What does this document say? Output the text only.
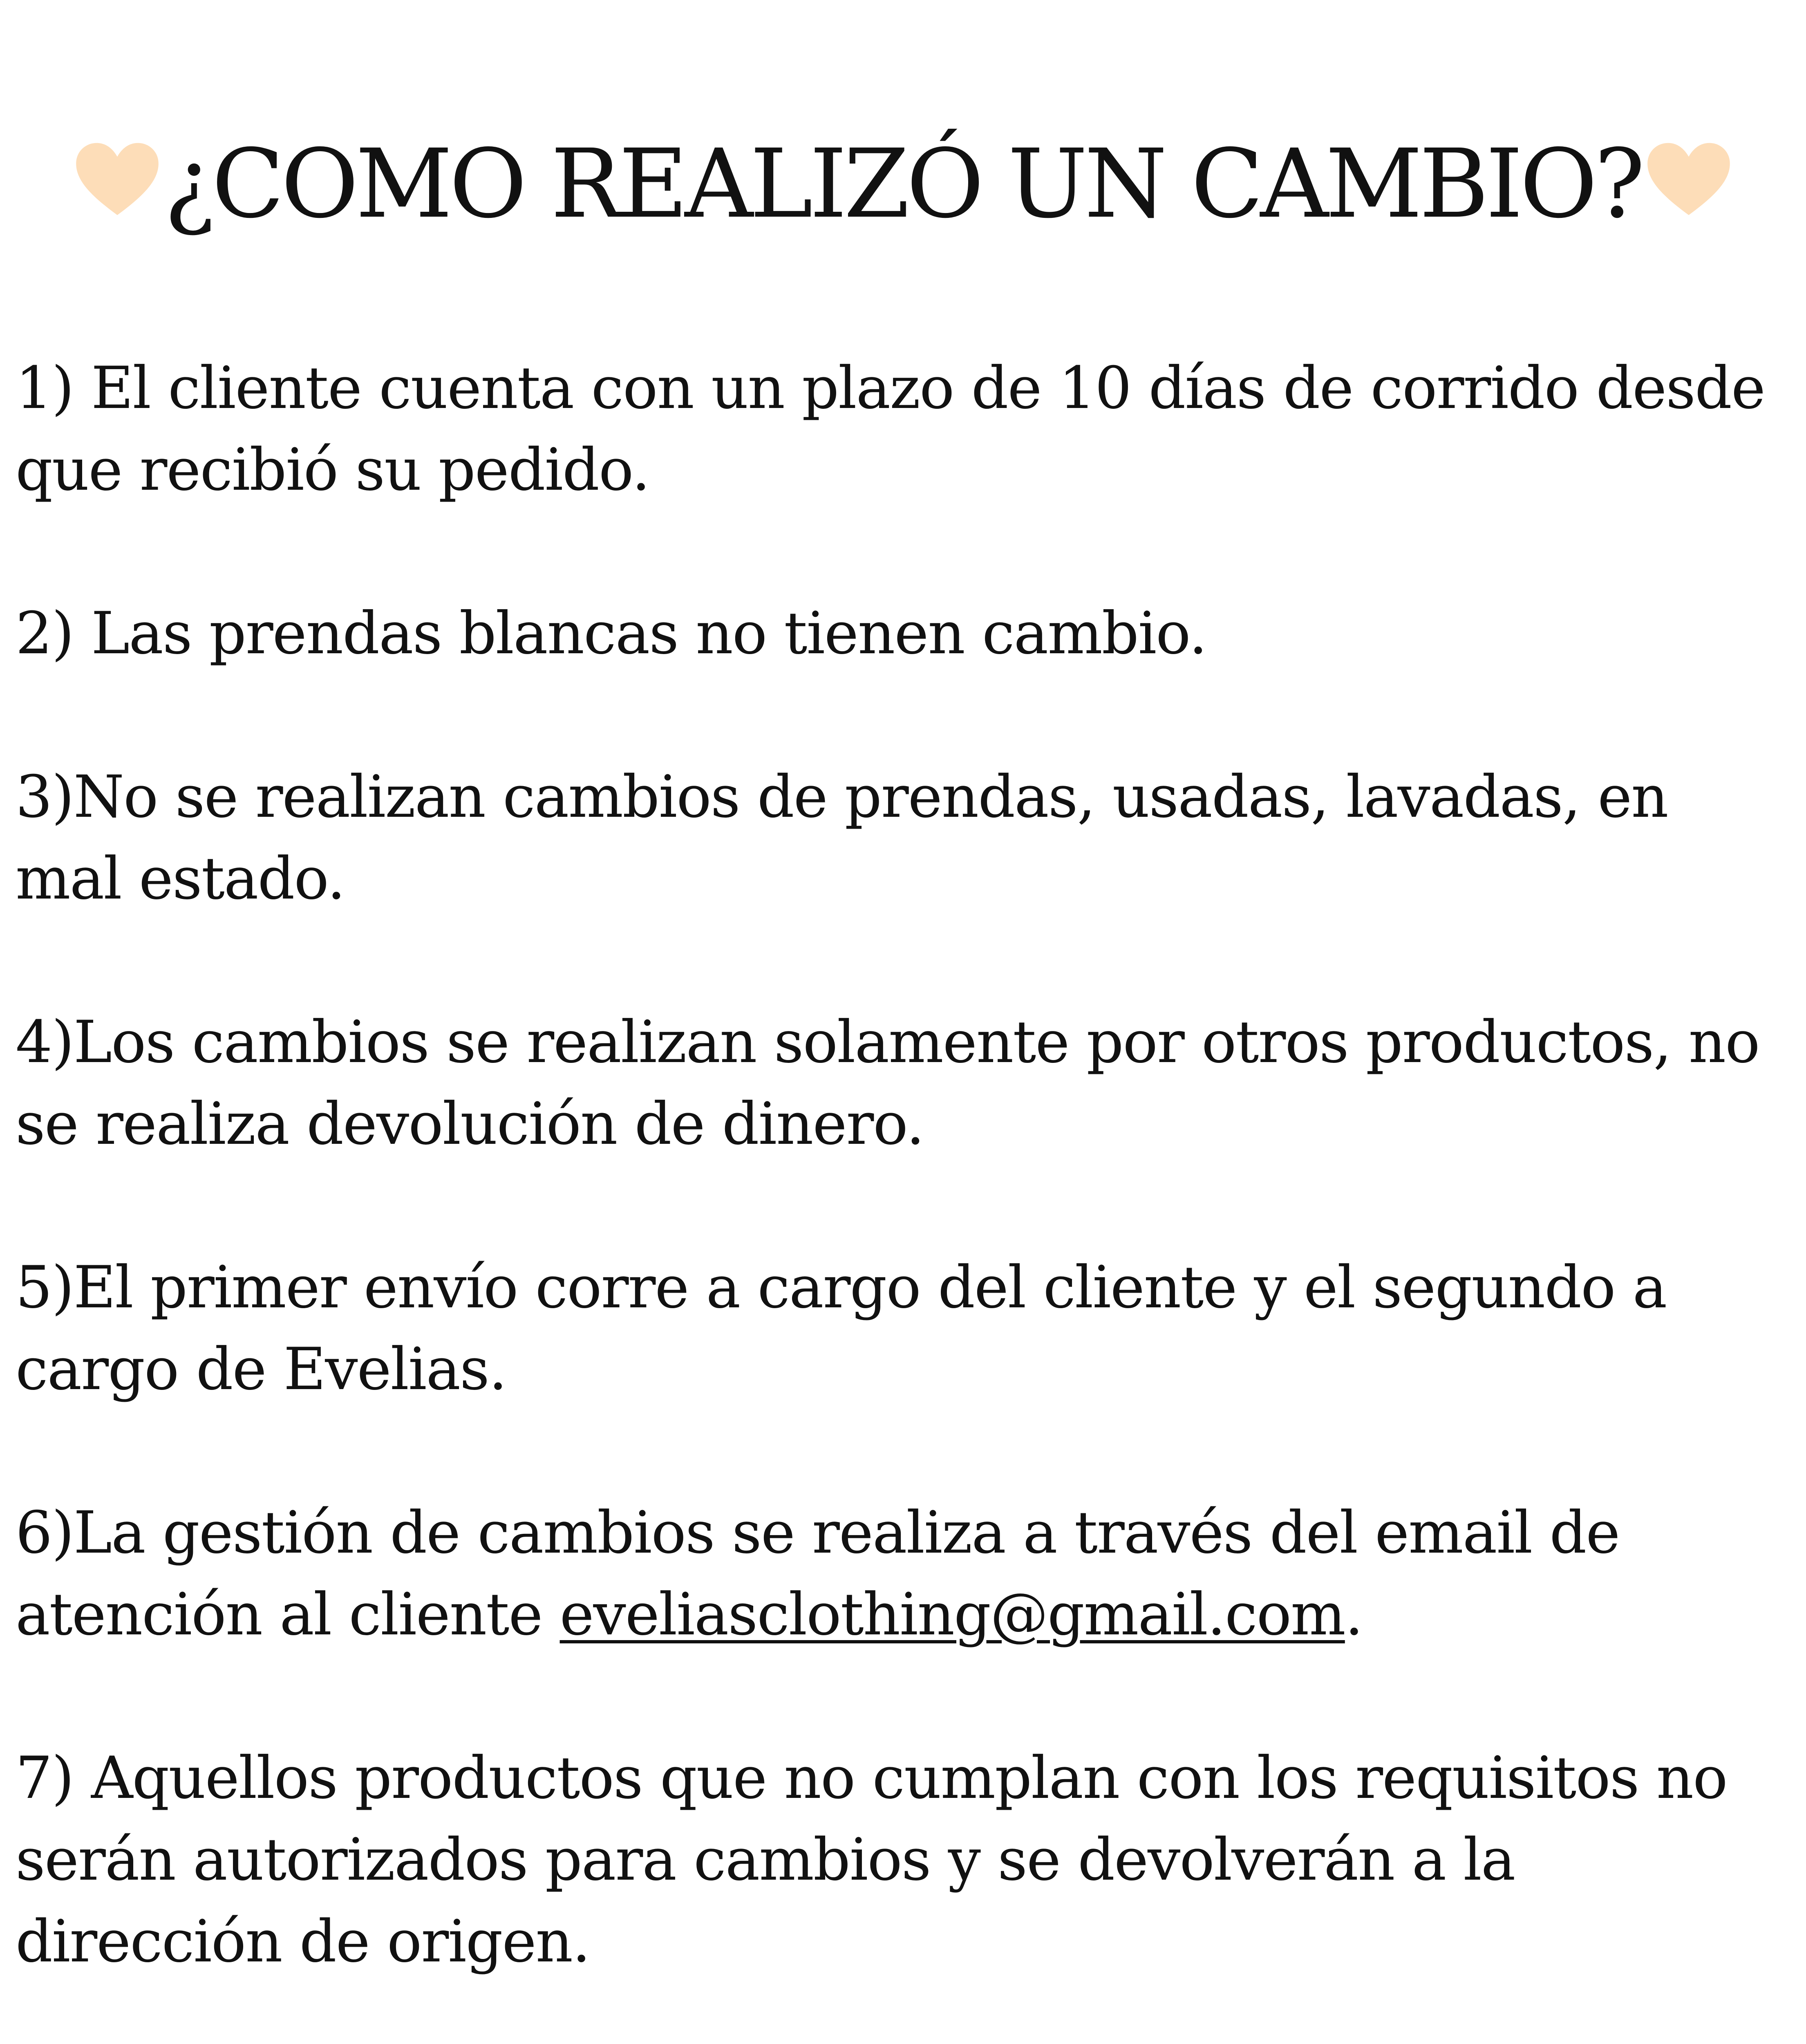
¿COMO REALIZÓ UN CAMBIO?

1) El cliente cuenta con un plazo de 10 días de corrido desde que recibió su pedido.

2) Las prendas blancas no tienen cambio.

3)No se realizan cambios de prendas, usadas, lavadas, en mal estado.

4)Los cambios se realizan solamente por otros productos, no se realiza devolución de dinero.

5)El primer envío corre a cargo del cliente y el segundo a cargo de Evelias.

6)La gestión de cambios se realiza a través del email de atención al cliente eveliasclothing@gmail.com.

7) Aquellos productos que no cumplan con los requisitos no serán autorizados para cambios y se devolverán a la dirección de origen.
